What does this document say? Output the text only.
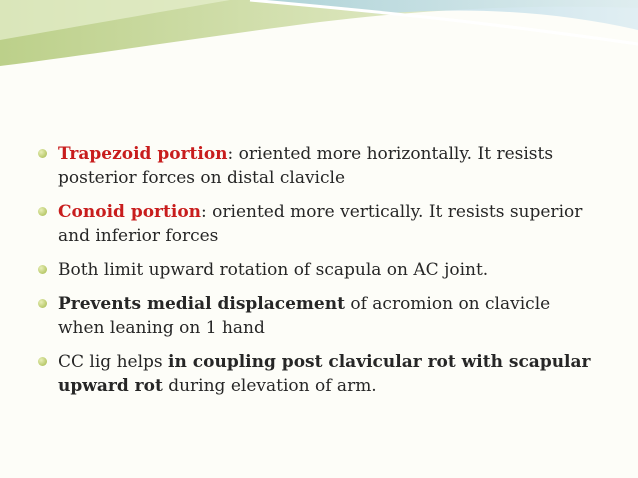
Trapezoid portion: oriented more horizontally. It resists posterior forces on distal clavicle
Conoid portion: oriented more vertically. It resists superior and inferior forces
Both limit upward rotation of scapula on AC joint.
Prevents medial displacement of acromion on clavicle when leaning on 1 hand
CC lig helps in coupling post clavicular rot with scapular upward rot during elevation of arm.
